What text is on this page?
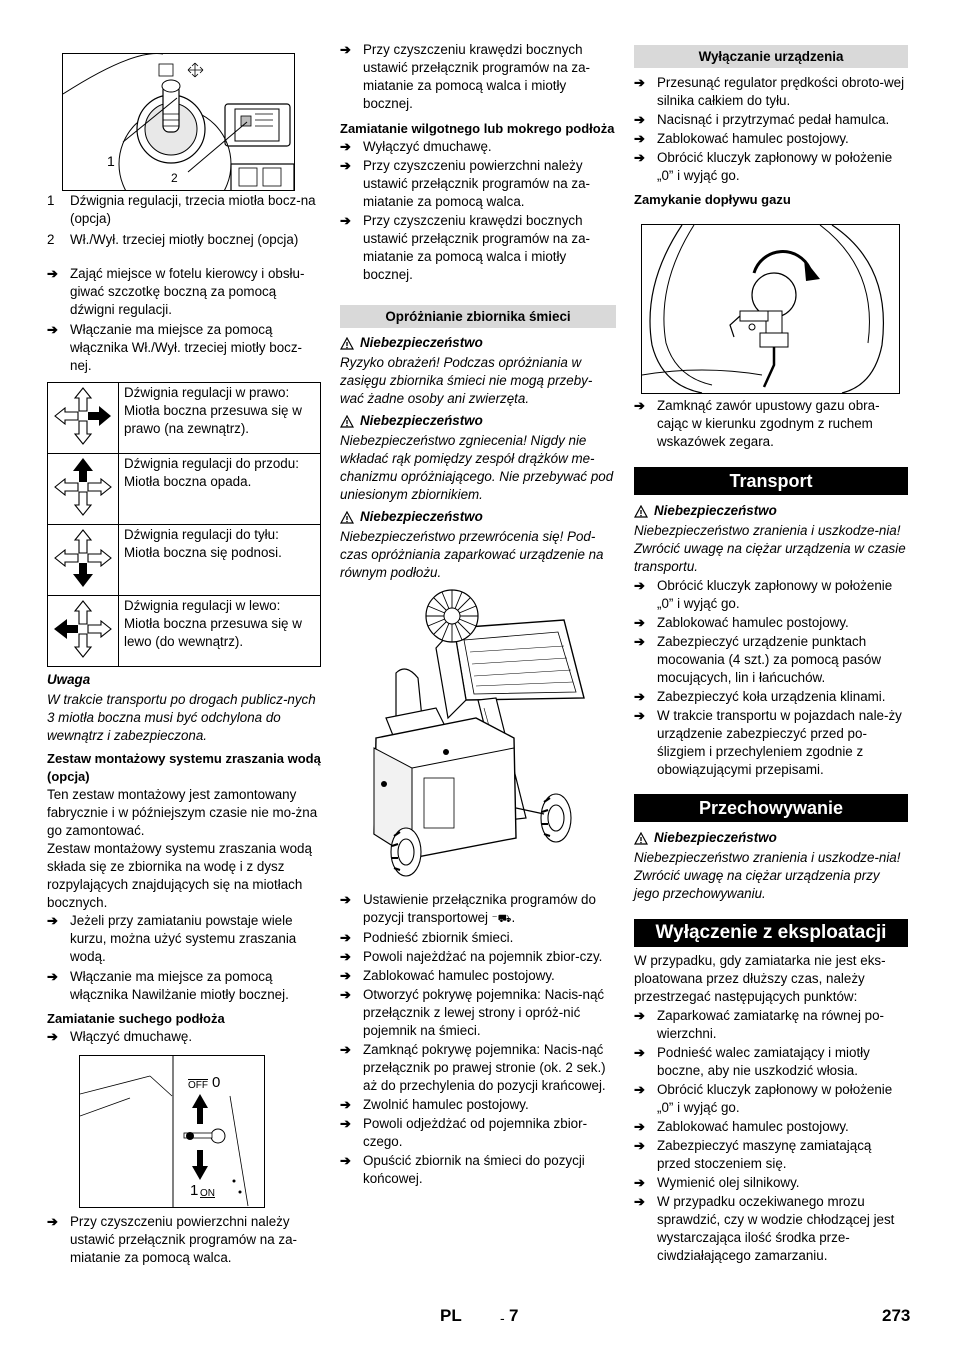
1
2
1	Dźwignia regulacji, trzecia miotła bocz-na (opcja)
2	Wł./Wył. trzeciej miotły bocznej (opcja)
➔ Zająć miejsce w fotelu kierowcy i obsłu-giwać szczotkę boczną za pomocą dźwigni regulacji.
➔ Włączanie ma miejsce za pomocą włącznika Wł./Wył. trzeciej miotły bocz-nej.
	Dźwignia regulacji w prawo: Miotła boczna przesuwa się w prawo (na zewnątrz).
	Dźwignia regulacji do przodu: Miotła boczna opada.
	Dźwignia regulacji do tyłu: Miotła boczna się podnosi.
	Dźwignia regulacji w lewo: Miotła boczna przesuwa się w lewo (do wewnątrz).

Uwaga

W trakcie transportu po drogach publicz-nych 3 miotła boczna musi być odchylona do wewnątrz i zabezpieczona.

Zestaw montażowy systemu zraszania wodą (opcja)

Ten zestaw montażowy jest zamontowany fabrycznie i w późniejszym czasie nie mo-żna go zamontować.

Zestaw montażowy systemu zraszania wodą składa się ze zbiornika na wodę i z dysz rozpylających znajdujących się na miotłach bocznych.

➔ Jeżeli przy zamiataniu powstaje wiele kurzu, można użyć systemu zraszania wodą.
➔ Włączanie ma miejsce za pomocą włącznika Nawilżanie miotły bocznej.

Zamiatanie suchego podłoża

➔ Włączyć dmuchawę.
$\overline{OFF}$ 0
1 ON
➔ Przy czyszczeniu powierzchni należy ustawić przełącznik programów na za-miatanie za pomocą walca.
➔ Przy czyszczeniu krawędzi bocznych ustawić przełącznik programów na za-miatanie za pomocą walca i miotły bocznej.

Zamiatanie wilgotnego lub mokrego podłoża

➔ Wyłączyć dmuchawę.
➔ Przy czyszczeniu powierzchni należy ustawić przełącznik programów na za-miatanie za pomocą walca.
➔ Przy czyszczeniu krawędzi bocznych ustawić przełącznik programów na za-miatanie za pomocą walca i miotły bocznej.
Opróżnianie zbiornika śmieci
Niebezpieczeństwo

Ryzyko obrażeń! Podczas opróżniania w zasięgu zbiornika śmieci nie mogą przeby-wać żadne osoby ani zwierzęta.

Niebezpieczeństwo

Niebezpieczeństwo zgniecenia! Nigdy nie wkładać rąk pomiędzy zespół drążków me-chanizmu opróżniającego. Nie przebywać pod uniesionym zbiornikiem.

Niebezpieczeństwo

Niebezpieczeństwo przewrócenia się! Pod-czas opróżniania zaparkować urządzenie na równym podłożu.

➔ Ustawienie przełącznika programów do pozycji transportowej ⁻⛟.
➔ Podnieść zbiornik śmieci.
➔ Powoli najeżdżać na pojemnik zbior-czy.
➔ Zablokować hamulec postojowy.
➔ Otworzyć pokrywę pojemnika: Nacis-nąć przełącznik z lewej strony i opróż-nić pojemnik na śmieci.
➔ Zamknąć pokrywę pojemnika: Nacis-nąć przełącznik po prawej stronie (ok. 2 sek.) aż do przechylenia do pozycji krańcowej.
➔ Zwolnić hamulec postojowy.
➔ Powoli odjeżdżać od pojemnika zbior-czego.
➔ Opuścić zbiornik na śmieci do pozycji końcowej.
Wyłączanie urządzenia
➔ Przesunąć regulator prędkości obroto-wej silnika całkiem do tyłu.
➔ Nacisnąć i przytrzymać pedał hamulca.
➔ Zablokować hamulec postojowy.
➔ Obrócić kluczyk zapłonowy w położenie „0” i wyjąć go.

Zamykanie dopływu gazu

➔ Zamknąć zawór upustowy gazu obra-cając w kierunku zgodnym z ruchem wskazówek zegara.
Transport
Niebezpieczeństwo

Niebezpieczeństwo zranienia i uszkodze-nia! Zwrócić uwagę na ciężar urządzenia w czasie transportu.

➔ Obrócić kluczyk zapłonowy w położenie „0” i wyjąć go.
➔ Zablokować hamulec postojowy.
➔ Zabezpieczyć urządzenie punktach mocowania (4 szt.) za pomocą pasów mocujących, lin i łańcuchów.
➔ Zabezpieczyć koła urządzenia klinami.
➔ W trakcie transportu w pojazdach nale-ży urządzenie zabezpieczyć przed po-ślizgiem i przechyleniem zgodnie z obowiązującymi przepisami.
Przechowywanie
Niebezpieczeństwo

Niebezpieczeństwo zranienia i uszkodze-nia! Zwrócić uwagę na ciężar urządzenia przy jego przechowywaniu.

Wyłączenie z eksploatacji

W przypadku, gdy zamiatarka nie jest eks-ploatowana przez dłuższy czas, należy przestrzegać następujących punktów:

➔ Zaparkować zamiatarkę na równej po-wierzchni.
➔ Podnieść walec zamiatający i miotły boczne, aby nie uszkodzić włosia.
➔ Obrócić kluczyk zapłonowy w położenie „0” i wyjąć go.
➔ Zablokować hamulec postojowy.
➔ Zabezpieczyć maszynę zamiatającą przed stoczeniem się.
➔ Wymienić olej silnikowy.
➔ W przypadku oczekiwanego mrozu sprawdzić, czy w wodzie chłodzącej jest wystarczająca ilość środka prze-ciwdziałającego zamarzaniu.
PL	- 7	273
